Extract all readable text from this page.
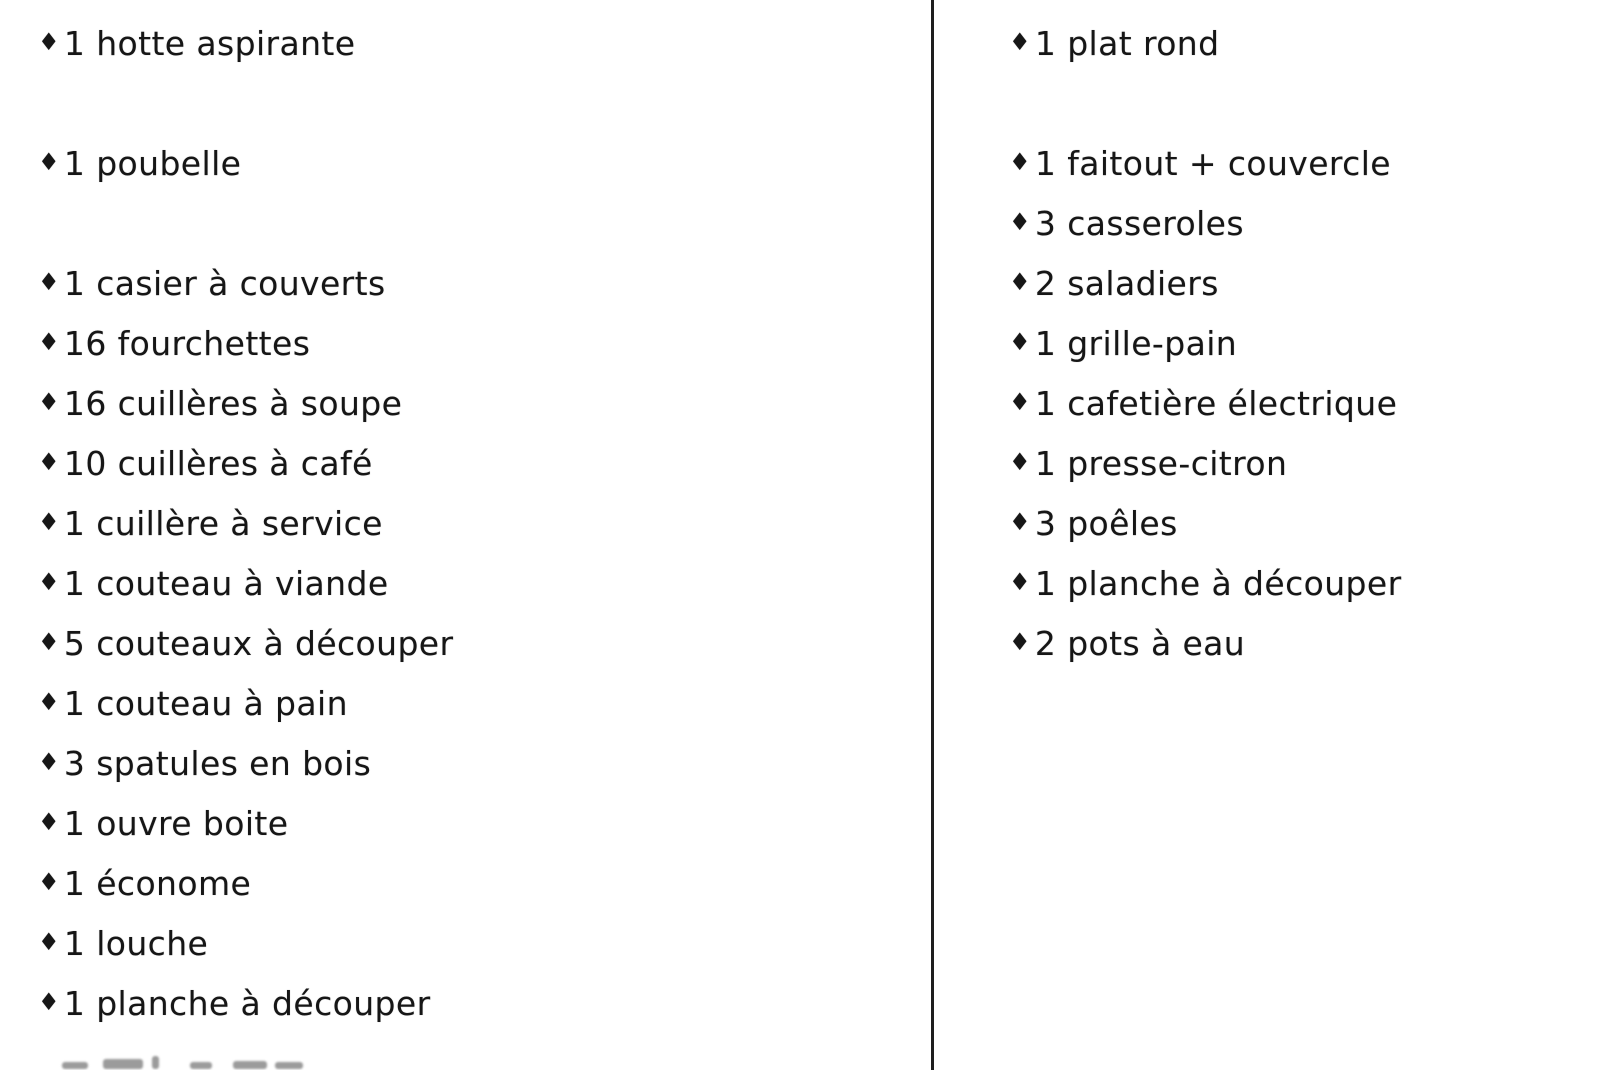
♦ 1 hotte aspirante
♦ 1 poubelle
♦ 1 casier à couverts
♦ 16 fourchettes
♦ 16 cuillères à soupe
♦ 10 cuillères à café
♦ 1 cuillère à service
♦ 1 couteau à viande
♦ 5 couteaux à découper
♦ 1 couteau à pain
♦ 3 spatules en bois
♦ 1 ouvre boite
♦ 1 économe
♦ 1 louche
♦ 1 planche à découper
♦ 1 plat rond
♦ 1 faitout + couvercle
♦ 3 casseroles
♦ 2 saladiers
♦ 1 grille-pain
♦ 1 cafetière électrique
♦ 1 presse-citron
♦ 3 poêles
♦ 1 planche à découper
♦ 2 pots à eau
